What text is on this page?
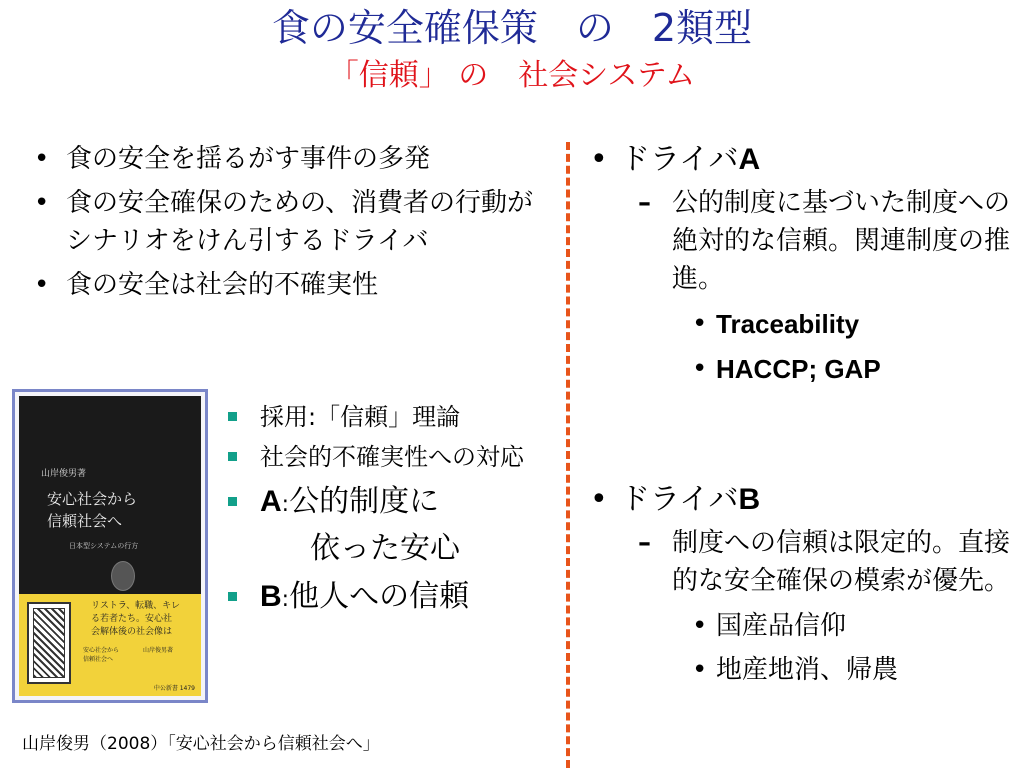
食の安全確保策　の　2類型
「信頼」 の　社会システム
• 食の安全を揺るがす事件の多発
• 食の安全確保のための、消費者の行動がシナリオをけん引するドライバ
• 食の安全は社会的不確実性
山岸俊男著
安心社会から
信頼社会へ
日本型システムの行方
リストラ、転職、キレ
る若者たち。安心社
会解体後の社会像は
安心社会から　　　　山岸俊男著
信頼社会へ
中公新書 1479
採用:「信頼」理論
社会的不確実性への対応
A:公的制度に
依った安心
B:他人への信頼
• ドライバA
– 公的制度に基づいた制度への絶対的な信頼。関連制度の推進。
• Traceability
• HACCP; GAP
• ドライバB
– 制度への信頼は限定的。直接的な安全確保の模索が優先。
• 国産品信仰
• 地産地消、帰農
山岸俊男（2008）「安心社会から信頼社会へ」
